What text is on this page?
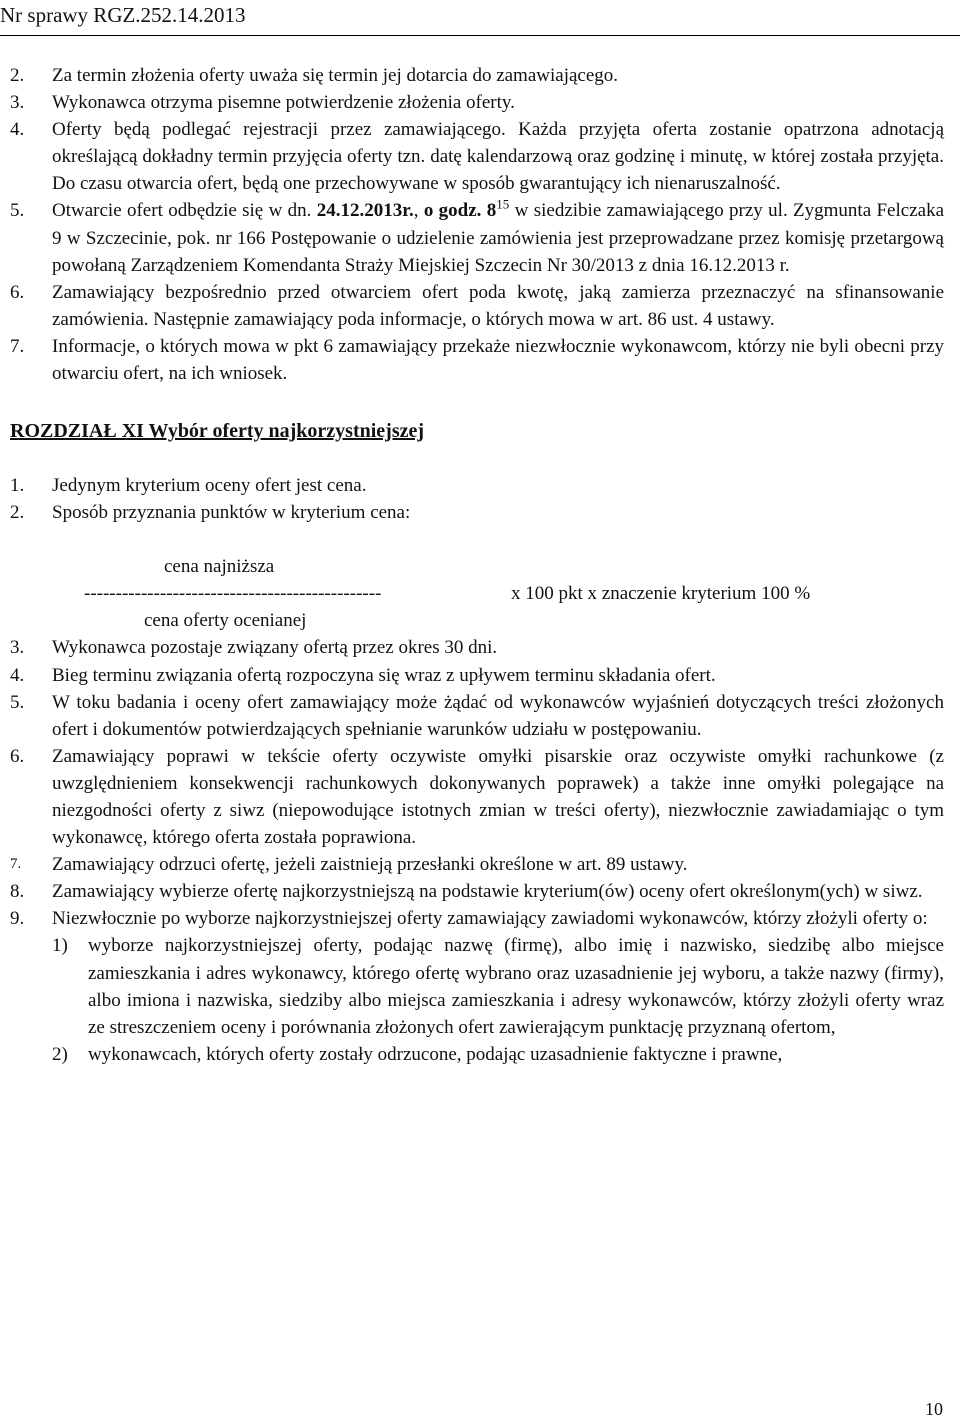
Nr sprawy RGZ.252.14.2013
2. Za termin złożenia oferty uważa się termin jej dotarcia do zamawiającego.
3. Wykonawca otrzyma pisemne potwierdzenie złożenia oferty.
4. Oferty będą podlegać rejestracji przez zamawiającego. Każda przyjęta oferta zostanie opatrzona adnotacją określającą dokładny termin przyjęcia oferty tzn. datę kalendarzową oraz godzinę i minutę, w której została przyjęta. Do czasu otwarcia ofert, będą one przechowywane w sposób gwarantujący ich nienaruszalność.
5. Otwarcie ofert odbędzie się w dn. 24.12.2013r., o godz. $8^{15}$ w siedzibie zamawiającego przy ul. Zygmunta Felczaka 9 w Szczecinie, pok. nr 166 Postępowanie o udzielenie zamówienia jest przeprowadzane przez komisję przetargową powołaną Zarządzeniem Komendanta Straży Miejskiej Szczecin Nr 30/2013 z dnia 16.12.2013 r.
6. Zamawiający bezpośrednio przed otwarciem ofert poda kwotę, jaką zamierza przeznaczyć na sfinansowanie zamówienia. Następnie zamawiający poda informacje, o których mowa w art. 86 ust. 4 ustawy.
7. Informacje, o których mowa w pkt 6 zamawiający przekaże niezwłocznie wykonawcom, którzy nie byli obecni przy otwarciu ofert, na ich wniosek.

ROZDZIAŁ XI Wybór oferty najkorzystniejszej

1. Jedynym kryterium oceny ofert jest cena.
2. Sposób przyznania punktów w kryterium cena:
cena najniższa
-----------------------------------------------	x 100 pkt x znaczenie kryterium 100 %
cena oferty ocenianej
3. Wykonawca pozostaje związany ofertą przez okres 30 dni.
4. Bieg terminu związania ofertą rozpoczyna się wraz z upływem terminu składania ofert.
5. W toku badania i oceny ofert zamawiający może żądać od wykonawców wyjaśnień dotyczących treści złożonych ofert i dokumentów potwierdzających spełnianie warunków udziału w postępowaniu.
6. Zamawiający poprawi w tekście oferty oczywiste omyłki pisarskie oraz oczywiste omyłki rachunkowe (z uwzględnieniem konsekwencji rachunkowych dokonywanych poprawek) a także inne omyłki polegające na niezgodności oferty z siwz (niepowodujące istotnych zmian w treści oferty), niezwłocznie zawiadamiając o tym wykonawcę, którego oferta została poprawiona.
7. Zamawiający odrzuci ofertę, jeżeli zaistnieją przesłanki określone w art. 89 ustawy.
8. Zamawiający wybierze ofertę najkorzystniejszą na podstawie kryterium(ów) oceny ofert określonym(ych) w siwz.
9. Niezwłocznie po wyborze najkorzystniejszej oferty zamawiający zawiadomi wykonawców, którzy złożyli oferty o:
1) wyborze najkorzystniejszej oferty, podając nazwę (firmę), albo imię i nazwisko, siedzibę albo miejsce zamieszkania i adres wykonawcy, którego ofertę wybrano oraz uzasadnienie jej wyboru, a także nazwy (firmy), albo imiona i nazwiska, siedziby albo miejsca zamieszkania i adresy wykonawców, którzy złożyli oferty wraz ze streszczeniem oceny i porównania złożonych ofert zawierającym punktację przyznaną ofertom,
2) wykonawcach, których oferty zostały odrzucone, podając uzasadnienie faktyczne i prawne,
10
